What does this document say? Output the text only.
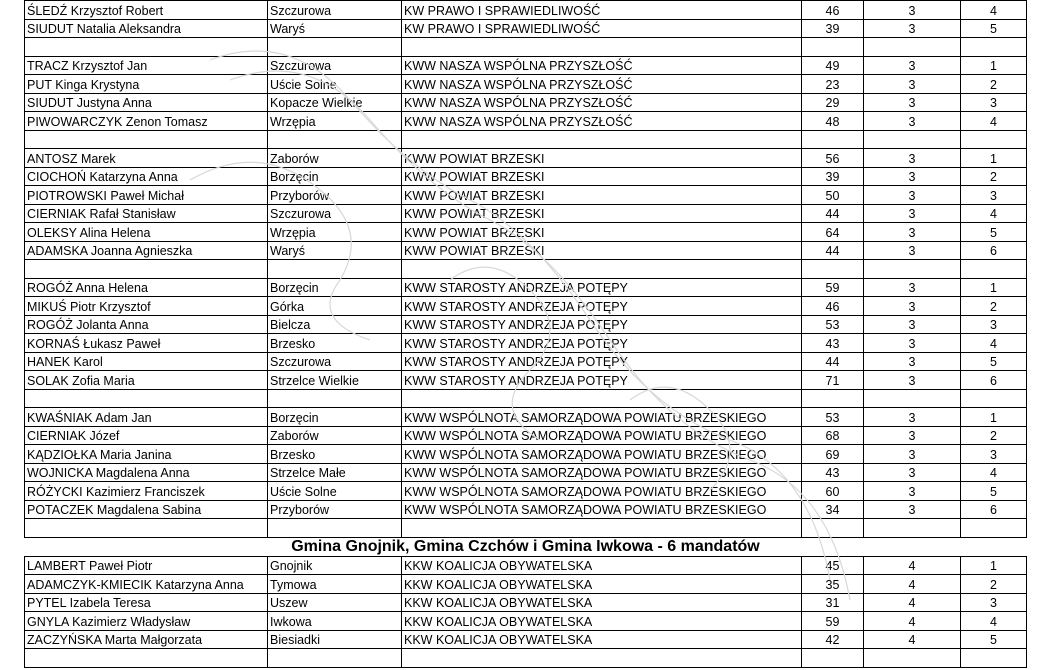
ŚLEDŹ Krzysztof Robert	Szczurowa	KW PRAWO I SPRAWIEDLIWOŚĆ	46	3	4
SIUDUT Natalia Aleksandra	Waryś	KW PRAWO I SPRAWIEDLIWOŚĆ	39	3	5

TRACZ Krzysztof Jan	Szczurowa	KWW NASZA WSPÓLNA PRZYSZŁOŚĆ	49	3	1
PUT Kinga Krystyna	Uście Solne	KWW NASZA WSPÓLNA PRZYSZŁOŚĆ	23	3	2
SIUDUT Justyna Anna	Kopacze Wielkie	KWW NASZA WSPÓLNA PRZYSZŁOŚĆ	29	3	3
PIWOWARCZYK Zenon Tomasz	Wrzępia	KWW NASZA WSPÓLNA PRZYSZŁOŚĆ	48	3	4

ANTOSZ Marek	Zaborów	KWW POWIAT BRZESKI	56	3	1
CIOCHOŃ Katarzyna Anna	Borzęcin	KWW POWIAT BRZESKI	39	3	2
PIOTROWSKI Paweł Michał	Przyborów	KWW POWIAT BRZESKI	50	3	3
CIERNIAK Rafał Stanisław	Szczurowa	KWW POWIAT BRZESKI	44	3	4
OLEKSY Alina Helena	Wrzępia	KWW POWIAT BRZESKI	64	3	5
ADAMSKA Joanna Agnieszka	Waryś	KWW POWIAT BRZESKI	44	3	6

ROGÓŻ Anna Helena	Borzęcin	KWW STAROSTY ANDRZEJA POTĘPY	59	3	1
MIKUŚ Piotr Krzysztof	Górka	KWW STAROSTY ANDRZEJA POTĘPY	46	3	2
ROGÓŻ Jolanta Anna	Bielcza	KWW STAROSTY ANDRZEJA POTĘPY	53	3	3
KORNAŚ Łukasz Paweł	Brzesko	KWW STAROSTY ANDRZEJA POTĘPY	43	3	4
HANEK Karol	Szczurowa	KWW STAROSTY ANDRZEJA POTĘPY	44	3	5
SOLAK Zofia Maria	Strzelce Wielkie	KWW STAROSTY ANDRZEJA POTĘPY	71	3	6

KWAŚNIAK Adam Jan	Borzęcin	KWW WSPÓLNOTA SAMORZĄDOWA POWIATU BRZESKIEGO	53	3	1
CIERNIAK Józef	Zaborów	KWW WSPÓLNOTA SAMORZĄDOWA POWIATU BRZESKIEGO	68	3	2
KĄDZIOŁKA Maria Janina	Brzesko	KWW WSPÓLNOTA SAMORZĄDOWA POWIATU BRZESKIEGO	69	3	3
WOJNICKA Magdalena Anna	Strzelce Małe	KWW WSPÓLNOTA SAMORZĄDOWA POWIATU BRZESKIEGO	43	3	4
RÓŻYCKI Kazimierz Franciszek	Uście Solne	KWW WSPÓLNOTA SAMORZĄDOWA POWIATU BRZESKIEGO	60	3	5
POTACZEK Magdalena Sabina	Przyborów	KWW WSPÓLNOTA SAMORZĄDOWA POWIATU BRZESKIEGO	34	3	6

Gmina Gnojnik, Gmina Czchów i Gmina Iwkowa - 6 mandatów					
LAMBERT Paweł Piotr	Gnojnik	KKW KOALICJA OBYWATELSKA	45	4	1
ADAMCZYK-KMIECIK Katarzyna Anna	Tymowa	KKW KOALICJA OBYWATELSKA	35	4	2
PYTEL Izabela Teresa	Uszew	KKW KOALICJA OBYWATELSKA	31	4	3
GNYLA Kazimierz Władysław	Iwkowa	KKW KOALICJA OBYWATELSKA	59	4	4
ZACZYŃSKA Marta Małgorzata	Biesiadki	KKW KOALICJA OBYWATELSKA	42	4	5
